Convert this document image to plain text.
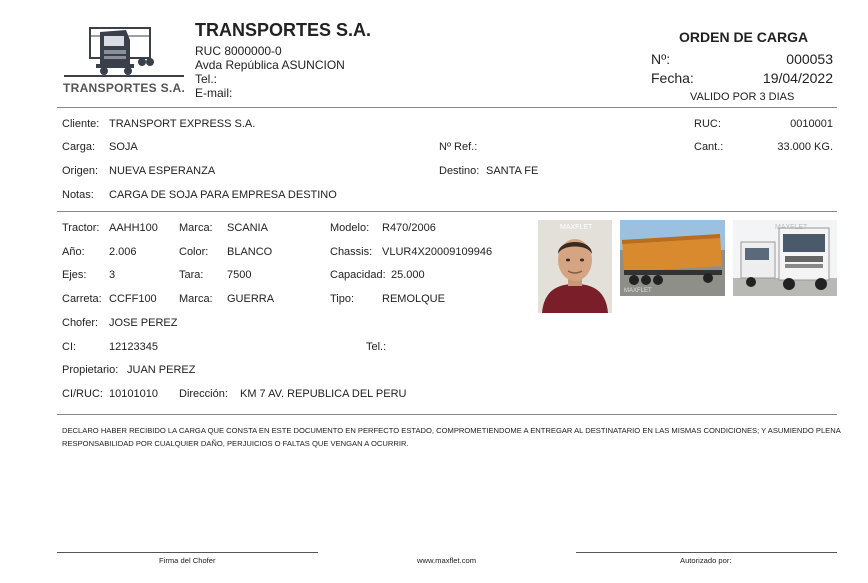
TRANSPORTES S.A.
TRANSPORTES S.A.
RUC 8000000-0
Avda República ASUNCION
Tel.:
E-mail:
ORDEN DE CARGA
Nº:	000053
Fecha:	19/04/2022
VALIDO POR 3 DIAS
Cliente: TRANSPORT EXPRESS S.A.	RUC:	0010001
Carga: SOJA	Nº Ref.:	Cant.:	33.000 KG.
Origen: NUEVA ESPERANZA	Destino: SANTA FE
Notas: CARGA DE SOJA PARA EMPRESA DESTINO
Tractor: AAHH100 Marca: SCANIA	Modelo: R470/2006
Año: 2.006	Color: BLANCO	Chassis: VLUR4X20009109946
Ejes: 3	Tara: 7500	Capacidad: 25.000
Carreta: CCFF100 Marca: GUERRA	Tipo:	REMOLQUE
Chofer: JOSE PEREZ
CI:	12123345	Tel.:
Propietario: JUAN PEREZ
CI/RUC: 10101010 Dirección: KM 7 AV. REPUBLICA DEL PERU
MAXFLET
MAXFLET
MAXFLET
DECLARO HABER RECIBIDO LA CARGA QUE CONSTA EN ESTE DOCUMENTO EN PERFECTO ESTADO, COMPROMETIENDOME A ENTREGAR AL DESTINATARIO EN LAS MISMAS CONDICIONES; Y ASUMIENDO PLENA RESPONSABILIDAD POR CUALQUIER DAÑO, PERJUICIOS O FALTAS QUE VENGAN A OCURRIR.
Firma del Chofer	www.maxflet.com	Autorizado por:
